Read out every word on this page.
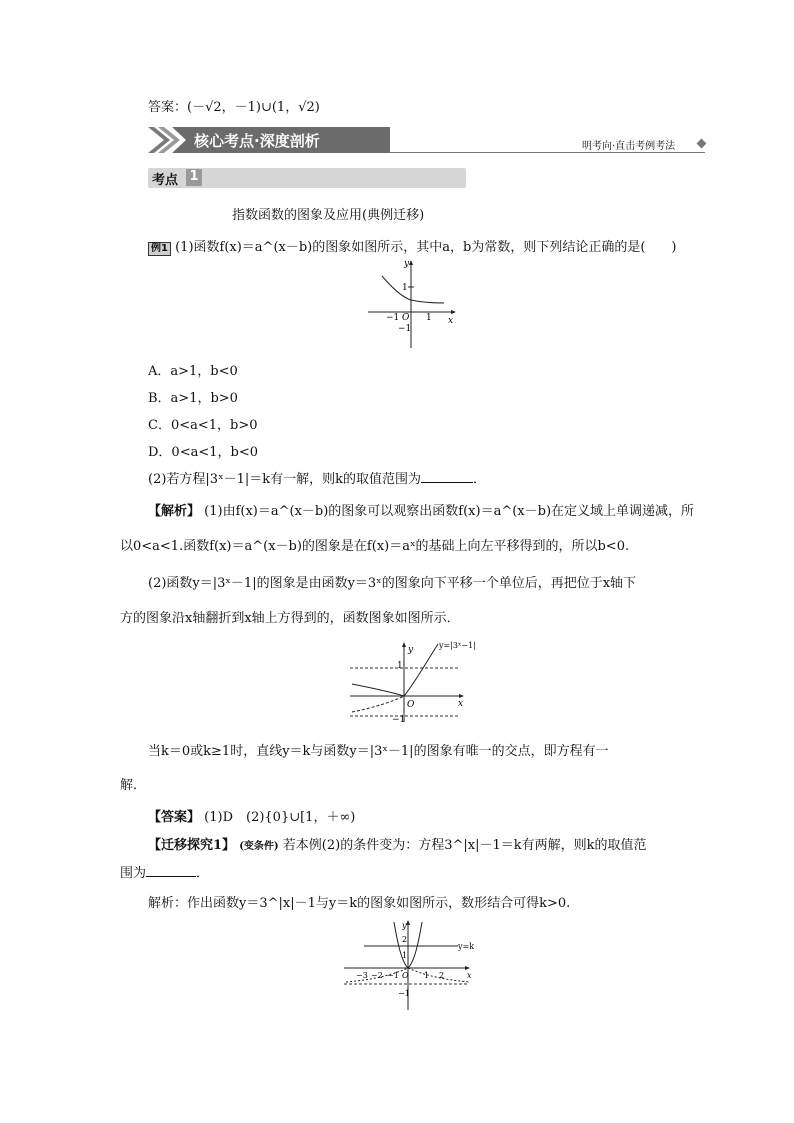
答案：(－√2，－1)∪(1，√2)
核心考点·深度剖析	明考向·直击考例考法
考点 1
指数函数的图象及应用(典例迁移)
例1 (1)函数f(x)＝a^(x－b)的图象如图所示，其中a，b为常数，则下列结论正确的是(　　)
y
x
1
O
−1	1
−1
A．a>1，b<0
B．a>1，b>0
C．0<a<1，b>0
D．0<a<1，b<0
(2)若方程|3ˣ－1|＝k有一解，则k的取值范围为	．
【解析】 (1)由f(x)＝a^(x－b)的图象可以观察出函数f(x)＝a^(x－b)在定义域上单调递减，所
以0<a<1.函数f(x)＝a^(x－b)的图象是在f(x)＝aˣ的基础上向左平移得到的，所以b<0.
(2)函数y＝|3ˣ－1|的图象是由函数y＝3ˣ的图象向下平移一个单位后，再把位于x轴下
方的图象沿x轴翻折到x轴上方得到的，函数图象如图所示．
y
x
1
O
−1
y=|3ˣ−1|
当k＝0或k≥1时，直线y＝k与函数y＝|3ˣ－1|的图象有唯一的交点，即方程有一
解．
【答案】 (1)D　(2){0}∪[1，＋∞)
【迁移探究1】 (变条件) 若本例(2)的条件变为：方程3^|x|－1＝k有两解，则k的取值范
围为	．
解析：作出函数y＝3^|x|－1与y＝k的图象如图所示，数形结合可得k>0.
y
x
y=k
2
1
−1
O
−3 −2 −1	1 2
